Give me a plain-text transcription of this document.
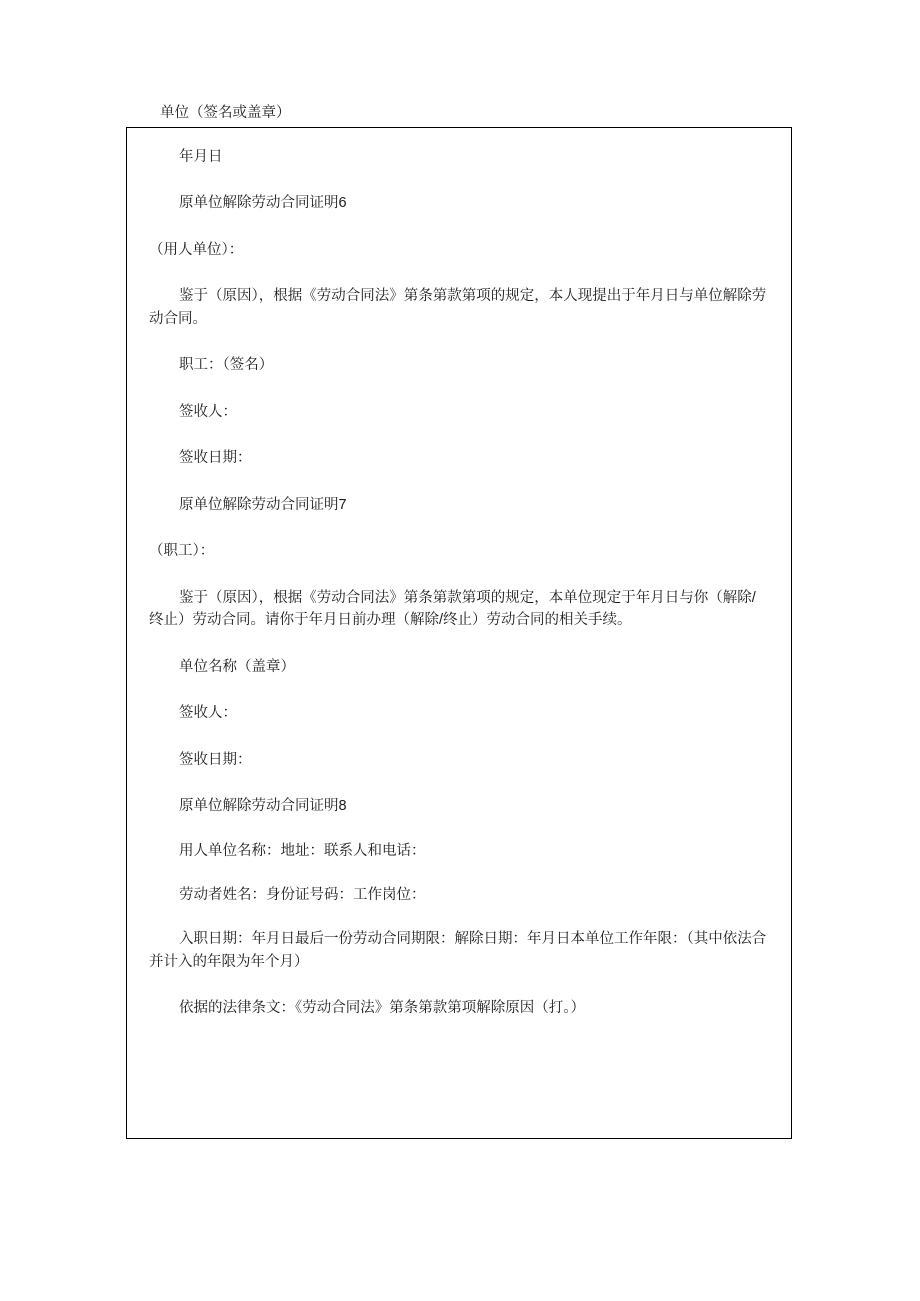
单位（签名或盖章）

年月日

原单位解除劳动合同证明6

（用人单位）：

鉴于（原因），根据《劳动合同法》第条第款第项的规定，本人现提出于年月日与单位解除劳动合同。

职工：（签名）

签收人：

签收日期：

原单位解除劳动合同证明7

（职工）：

鉴于（原因），根据《劳动合同法》第条第款第项的规定，本单位现定于年月日与你（解除/终止）劳动合同。请你于年月日前办理（解除/终止）劳动合同的相关手续。

单位名称（盖章）

签收人：

签收日期：

原单位解除劳动合同证明8

用人单位名称：地址：联系人和电话：

劳动者姓名：身份证号码：工作岗位：

入职日期：年月日最后一份劳动合同期限：解除日期：年月日本单位工作年限：（其中依法合并计入的年限为年个月）

依据的法律条文：《劳动合同法》第条第款第项解除原因（打。）
